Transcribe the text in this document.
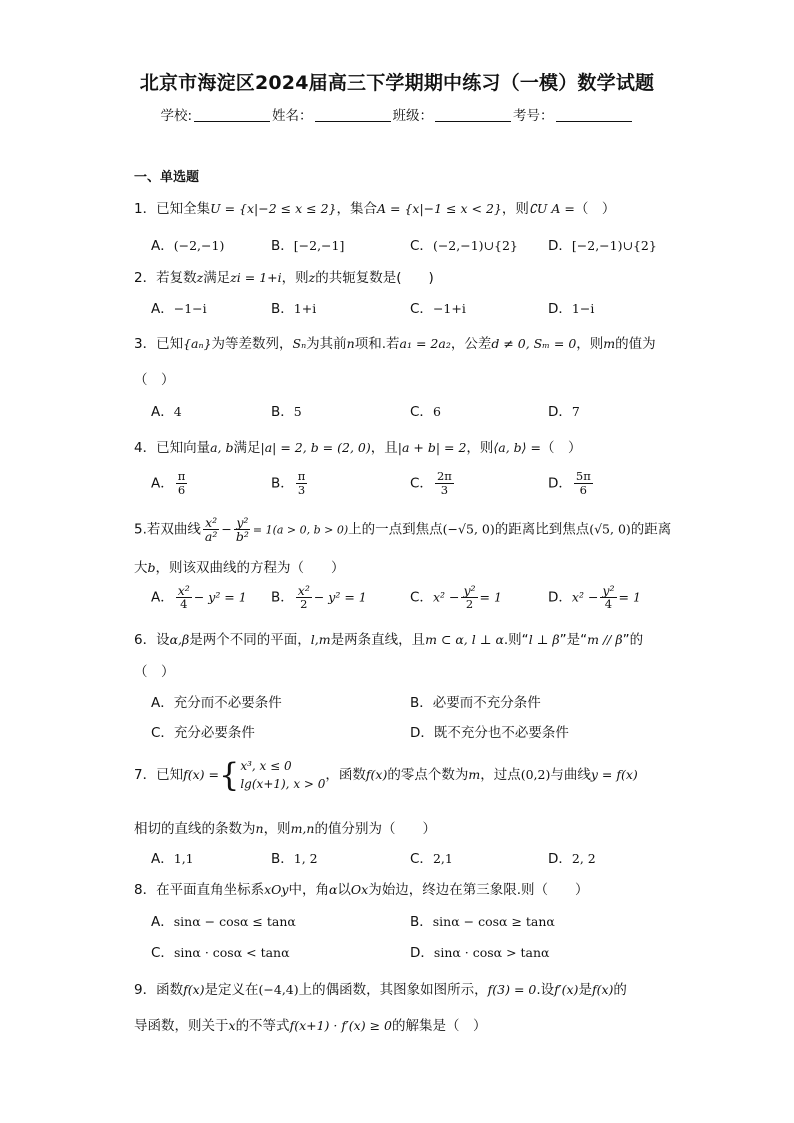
北京市海淀区2024届高三下学期期中练习（一模）数学试题
学校:	姓名：	班级：	考号：
一、单选题
1．已知全集U = {x|−2 ≤ x ≤ 2}，集合A = {x|−1 ≤ x < 2}，则∁U A =（　）
A．(−2,−1)	B．[−2,−1]	C．(−2,−1)∪{2} D．[−2,−1)∪{2}
2．若复数z满足zi = 1+i，则z的共轭复数是(　　)
A．−1−i	B．1+i	C．−1+i	D．1−i
3．已知{aₙ}为等差数列，Sₙ为其前n项和.若a₁ = 2a₂，公差d ≠ 0, Sₘ = 0，则m的值为
（　）
A．4	B．5	C．6	D．7
4．已知向量a, b满足|a| = 2, b = (2, 0)，且|a + b| = 2，则⟨a, b⟩ =（　）
A． $\frac{\pi}{6}$	B． $\frac{\pi}{3}$	C． $\frac{2\pi}{3}$	D． $\frac{5\pi}{6}$
5.若双曲线 $\frac{\text{x²}}{\text{a²}} - \frac{\text{y²}}{\text{b²}} = 1(a > 0$, b > 0)上的一点到焦点(−√5, 0)的距离比到焦点(√5, 0)的距离
大b，则该双曲线的方程为（　　）
A． $\frac{\text{x²}}{4} - y^2 = 1$ B． $\frac{\text{x²}}{2} - y^2 = 1$	C．$x^2 - \frac{\text{y²}}{2} = 1$	D．$x^2 - \frac{\text{y²}}{4} = 1$
6．设α,β是两个不同的平面，l,m是两条直线，且m ⊂ α, l ⊥ α.则“l ⊥ β”是“m // β”的
（　）
A．充分而不必要条件	B．必要而不充分条件
C．充分必要条件	D．既不充分也不必要条件
7．已知f(x) = { x³, x ≤ 0
lg(x+1), x > 0
，函数f(x)的零点个数为m，过点(0,2)与曲线y = f(x)
相切的直线的条数为n，则m,n的值分别为（　　）
A．1,1	B．1, 2	C．2,1	D．2, 2
8．在平面直角坐标系xOy中，角α以Ox为始边，终边在第三象限.则（　　）
A．sinα − cosα ≤ tanα	B．sinα − cosα ≥ tanα
C．sinα · cosα < tanα	D．sinα · cosα > tanα
9．函数f(x)是定义在(−4,4)上的偶函数，其图象如图所示，f(3) = 0.设f′(x)是f(x)的
导函数，则关于x的不等式f(x+1) · f′(x) ≥ 0的解集是（　）
